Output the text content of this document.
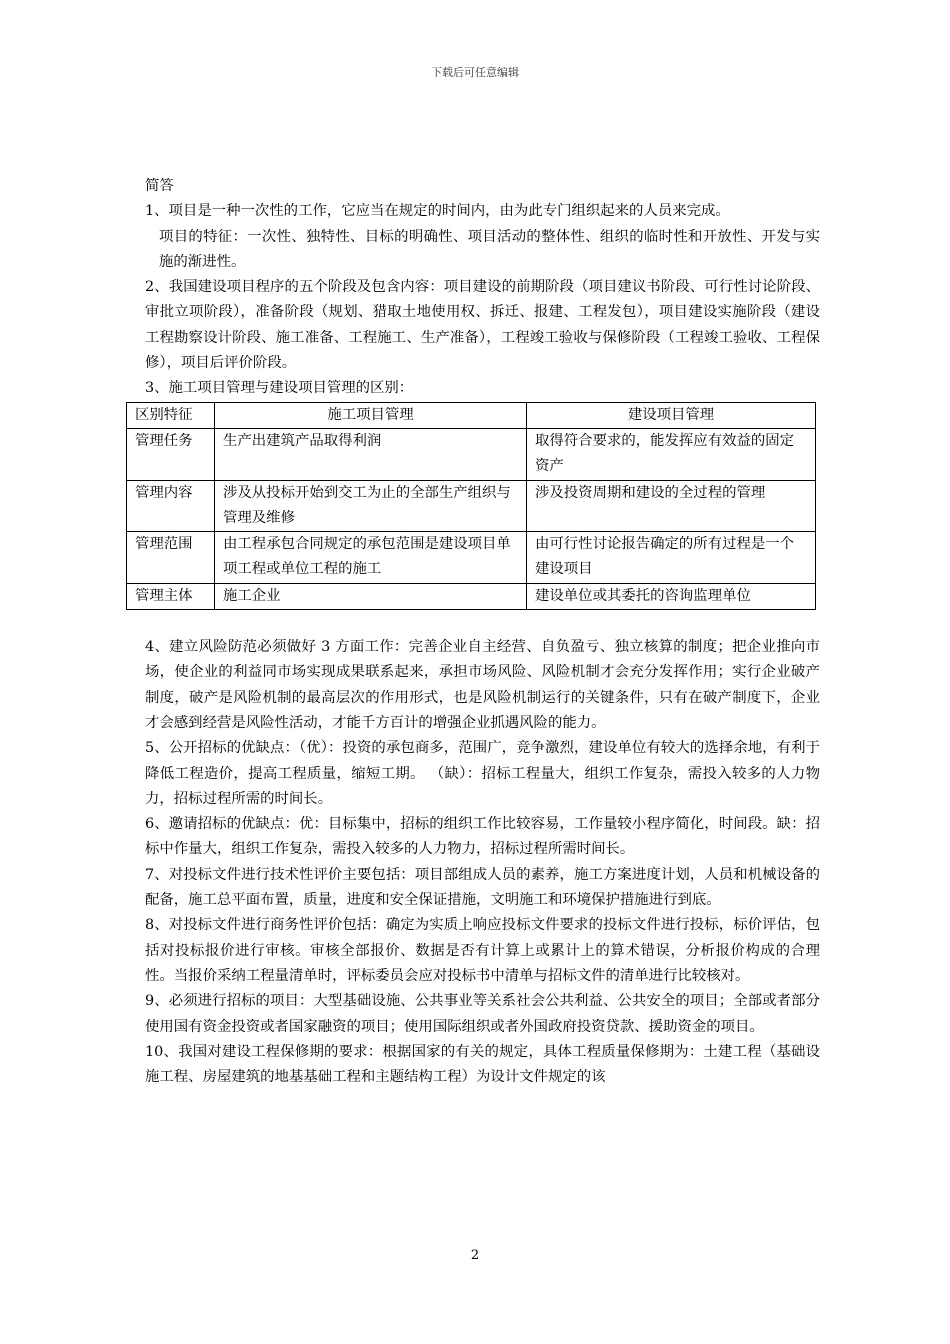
下载后可任意编辑

简答

1、项目是一种一次性的工作，它应当在规定的时间内，由为此专门组织起来的人员来完成。

项目的特征：一次性、独特性、目标的明确性、项目活动的整体性、组织的临时性和开放性、开发与实施的渐进性。

2、我国建设项目程序的五个阶段及包含内容：项目建设的前期阶段（项目建议书阶段、可行性讨论阶段、审批立项阶段），准备阶段（规划、猎取土地使用权、拆迁、报建、工程发包），项目建设实施阶段（建设工程勘察设计阶段、施工准备、工程施工、生产准备），工程竣工验收与保修阶段（工程竣工验收、工程保修），项目后评价阶段。

3、施工项目管理与建设项目管理的区别：

区别特征	施工项目管理	建设项目管理
管理任务	生产出建筑产品取得利润	取得符合要求的，能发挥应有效益的固定资产
管理内容	涉及从投标开始到交工为止的全部生产组织与管理及维修	涉及投资周期和建设的全过程的管理
管理范围	由工程承包合同规定的承包范围是建设项目单项工程或单位工程的施工	由可行性讨论报告确定的所有过程是一个建设项目
管理主体	施工企业	建设单位或其委托的咨询监理单位

4、建立风险防范必须做好 3 方面工作：完善企业自主经营、自负盈亏、独立核算的制度；把企业推向市场，使企业的利益同市场实现成果联系起来，承担市场风险、风险机制才会充分发挥作用；实行企业破产制度，破产是风险机制的最高层次的作用形式，也是风险机制运行的关键条件，只有在破产制度下，企业才会感到经营是风险性活动，才能千方百计的增强企业抓遇风险的能力。

5、公开招标的优缺点：（优）：投资的承包商多，范围广，竞争激烈，建设单位有较大的选择余地，有利于降低工程造价，提高工程质量，缩短工期。 （缺）：招标工程量大，组织工作复杂，需投入较多的人力物力，招标过程所需的时间长。

6、邀请招标的优缺点：优：目标集中，招标的组织工作比较容易，工作量较小程序简化，时间段。缺：招标中作量大，组织工作复杂，需投入较多的人力物力，招标过程所需时间长。

7、对投标文件进行技术性评价主要包括：项目部组成人员的素养，施工方案进度计划，人员和机械设备的配备，施工总平面布置，质量，进度和安全保证措施，文明施工和环境保护措施进行到底。

8、对投标文件进行商务性评价包括：确定为实质上响应投标文件要求的投标文件进行投标，标价评估，包括对投标报价进行审核。审核全部报价、数据是否有计算上或累计上的算术错误，分析报价构成的合理性。当报价采纳工程量清单时，评标委员会应对投标书中清单与招标文件的清单进行比较核对。

9、必须进行招标的项目：大型基础设施、公共事业等关系社会公共利益、公共安全的项目；全部或者部分使用国有资金投资或者国家融资的项目；使用国际组织或者外国政府投资贷款、援助资金的项目。

10、我国对建设工程保修期的要求：根据国家的有关的规定，具体工程质量保修期为：土建工程（基础设施工程、房屋建筑的地基基础工程和主题结构工程）为设计文件规定的该

2
